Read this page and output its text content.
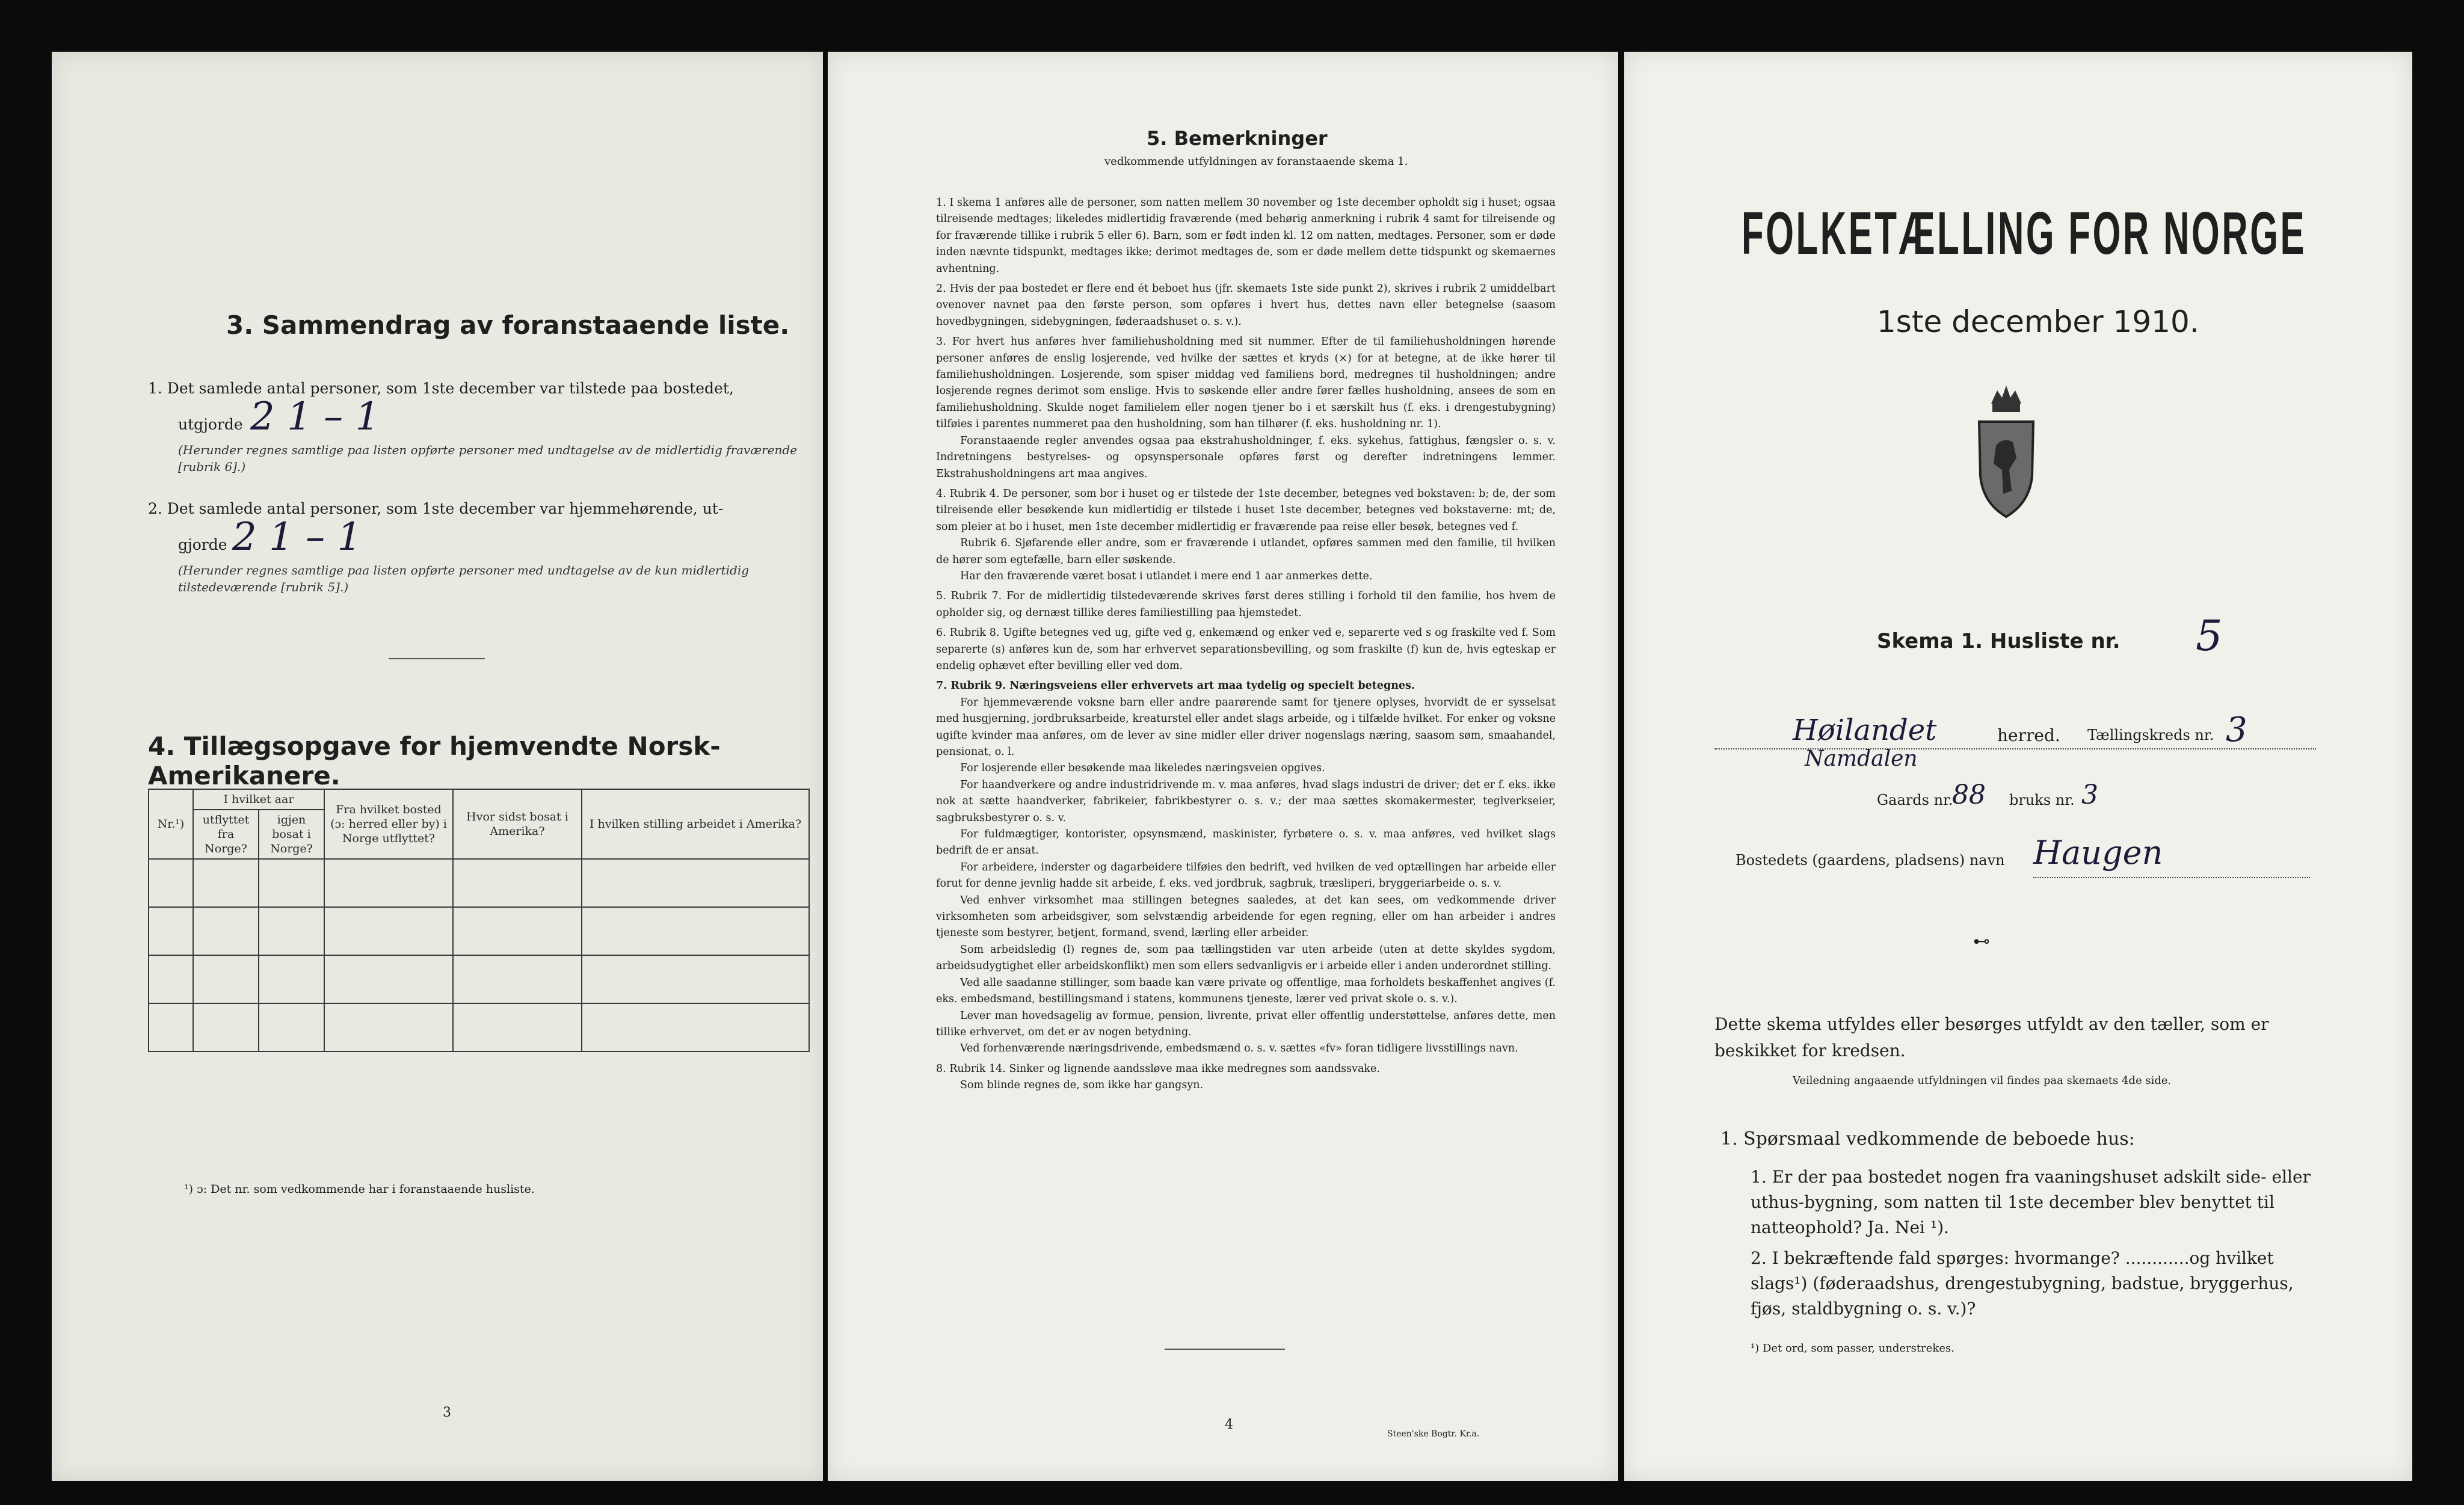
3. Sammendrag av foranstaaende liste.
1. Det samlede antal personer, som 1ste december var tilstede paa bostedet,
utgjorde 2 1 – 1
(Herunder regnes samtlige paa listen opførte personer med undtagelse av de midlertidig fraværende [rubrik 6].)
2. Det samlede antal personer, som 1ste december var hjemmehørende, ut-
gjorde 2 1 – 1
(Herunder regnes samtlige paa listen opførte personer med undtagelse av de kun midlertidig tilstedeværende [rubrik 5].)
4. Tillægsopgave for hjemvendte Norsk-Amerikanere.
Nr.¹)	I hvilket aar		Fra hvilket bosted (ɔ: herred eller by) i Norge utflyttet?	Hvor sidst bosat i Amerika?	I hvilken stilling arbeidet i Amerika?
	utflyttet fra Norge?	igjen bosat i Norge?			

¹) ɔ: Det nr. som vedkommende har i foranstaaende husliste.
3
5. Bemerkninger
vedkommende utfyldningen av foranstaaende skema 1.
1. I skema 1 anføres alle de personer, som natten mellem 30 november og 1ste december opholdt sig i huset; ogsaa tilreisende medtages; likeledes midlertidig fraværende (med behørig anmerkning i rubrik 4 samt for tilreisende og for fraværende tillike i rubrik 5 eller 6). Barn, som er født inden kl. 12 om natten, medtages. Personer, som er døde inden nævnte tidspunkt, medtages ikke; derimot medtages de, som er døde mellem dette tidspunkt og skemaernes avhentning.
2. Hvis der paa bostedet er flere end ét beboet hus (jfr. skemaets 1ste side punkt 2), skrives i rubrik 2 umiddelbart ovenover navnet paa den første person, som opføres i hvert hus, dettes navn eller betegnelse (saasom hovedbygningen, sidebygningen, føderaadshuset o. s. v.).
3. For hvert hus anføres hver familiehusholdning med sit nummer. Efter de til familiehusholdningen hørende personer anføres de enslig losjerende, ved hvilke der sættes et kryds (×) for at betegne, at de ikke hører til familiehusholdningen. Losjerende, som spiser middag ved familiens bord, medregnes til husholdningen; andre losjerende regnes derimot som enslige. Hvis to søskende eller andre fører fælles husholdning, ansees de som en familiehusholdning. Skulde noget familielem eller nogen tjener bo i et særskilt hus (f. eks. i drengestubygning) tilføies i parentes nummeret paa den husholdning, som han tilhører (f. eks. husholdning nr. 1).
Foranstaaende regler anvendes ogsaa paa ekstrahusholdninger, f. eks. sykehus, fattighus, fængsler o. s. v. Indretningens bestyrelses- og opsynspersonale opføres først og derefter indretningens lemmer. Ekstrahusholdningens art maa angives.
4. Rubrik 4. De personer, som bor i huset og er tilstede der 1ste december, betegnes ved bokstaven: b; de, der som tilreisende eller besøkende kun midlertidig er tilstede i huset 1ste december, betegnes ved bokstaverne: mt; de, som pleier at bo i huset, men 1ste december midlertidig er fraværende paa reise eller besøk, betegnes ved f.
Rubrik 6. Sjøfarende eller andre, som er fraværende i utlandet, opføres sammen med den familie, til hvilken de hører som egtefælle, barn eller søskende.
Har den fraværende været bosat i utlandet i mere end 1 aar anmerkes dette.
5. Rubrik 7. For de midlertidig tilstedeværende skrives først deres stilling i forhold til den familie, hos hvem de opholder sig, og dernæst tillike deres familiestilling paa hjemstedet.
6. Rubrik 8. Ugifte betegnes ved ug, gifte ved g, enkemænd og enker ved e, separerte ved s og fraskilte ved f. Som separerte (s) anføres kun de, som har erhvervet separationsbevilling, og som fraskilte (f) kun de, hvis egteskap er endelig ophævet efter bevilling eller ved dom.
7. Rubrik 9. Næringsveiens eller erhvervets art maa tydelig og specielt betegnes.
For hjemmeværende voksne barn eller andre paarørende samt for tjenere oplyses, hvorvidt de er sysselsat med husgjerning, jordbruksarbeide, kreaturstel eller andet slags arbeide, og i tilfælde hvilket. For enker og voksne ugifte kvinder maa anføres, om de lever av sine midler eller driver nogenslags næring, saasom søm, smaahandel, pensionat, o. l.
For losjerende eller besøkende maa likeledes næringsveien opgives.
For haandverkere og andre industridrivende m. v. maa anføres, hvad slags industri de driver; det er f. eks. ikke nok at sætte haandverker, fabrikeier, fabrikbestyrer o. s. v.; der maa sættes skomakermester, teglverkseier, sagbruksbestyrer o. s. v.
For fuldmægtiger, kontorister, opsynsmænd, maskinister, fyrbøtere o. s. v. maa anføres, ved hvilket slags bedrift de er ansat.
For arbeidere, inderster og dagarbeidere tilføies den bedrift, ved hvilken de ved optællingen har arbeide eller forut for denne jevnlig hadde sit arbeide, f. eks. ved jordbruk, sagbruk, træsliperi, bryggeriarbeide o. s. v.
Ved enhver virksomhet maa stillingen betegnes saaledes, at det kan sees, om vedkommende driver virksomheten som arbeidsgiver, som selvstændig arbeidende for egen regning, eller om han arbeider i andres tjeneste som bestyrer, betjent, formand, svend, lærling eller arbeider.
Som arbeidsledig (l) regnes de, som paa tællingstiden var uten arbeide (uten at dette skyldes sygdom, arbeidsudygtighet eller arbeidskonflikt) men som ellers sedvanligvis er i arbeide eller i anden underordnet stilling.
Ved alle saadanne stillinger, som baade kan være private og offentlige, maa forholdets beskaffenhet angives (f. eks. embedsmand, bestillingsmand i statens, kommunens tjeneste, lærer ved privat skole o. s. v.).
Lever man hovedsagelig av formue, pension, livrente, privat eller offentlig understøttelse, anføres dette, men tillike erhvervet, om det er av nogen betydning.
Ved forhenværende næringsdrivende, embedsmænd o. s. v. sættes «fv» foran tidligere livsstillings navn.
8. Rubrik 14. Sinker og lignende aandssløve maa ikke medregnes som aandssvake.
Som blinde regnes de, som ikke har gangsyn.
4
Steen'ske Bogtr. Kr.a.
FOLKETÆLLING FOR NORGE
1ste december 1910.
Skema 1. Husliste nr. 5
Høilandet	herred. Tællingskreds nr. 3
Namdalen
Gaards nr.
88 bruks nr. 3
Bostedets (gaardens, pladsens) navn Haugen
⊷
Dette skema utfyldes eller besørges utfyldt av den tæller, som er beskikket for kredsen.
Veiledning angaaende utfyldningen vil findes paa skemaets 4de side.
1. Spørsmaal vedkommende de beboede hus:
1. Er der paa bostedet nogen fra vaaningshuset adskilt side- eller uthus-bygning, som natten til 1ste december blev benyttet til natteophold? Ja. Nei ¹).
2. I bekræftende fald spørges: hvormange? ............og hvilket slags¹) (føderaadshus, drengestubygning, badstue, bryggerhus, fjøs, staldbygning o. s. v.)?
¹) Det ord, som passer, understrekes.
